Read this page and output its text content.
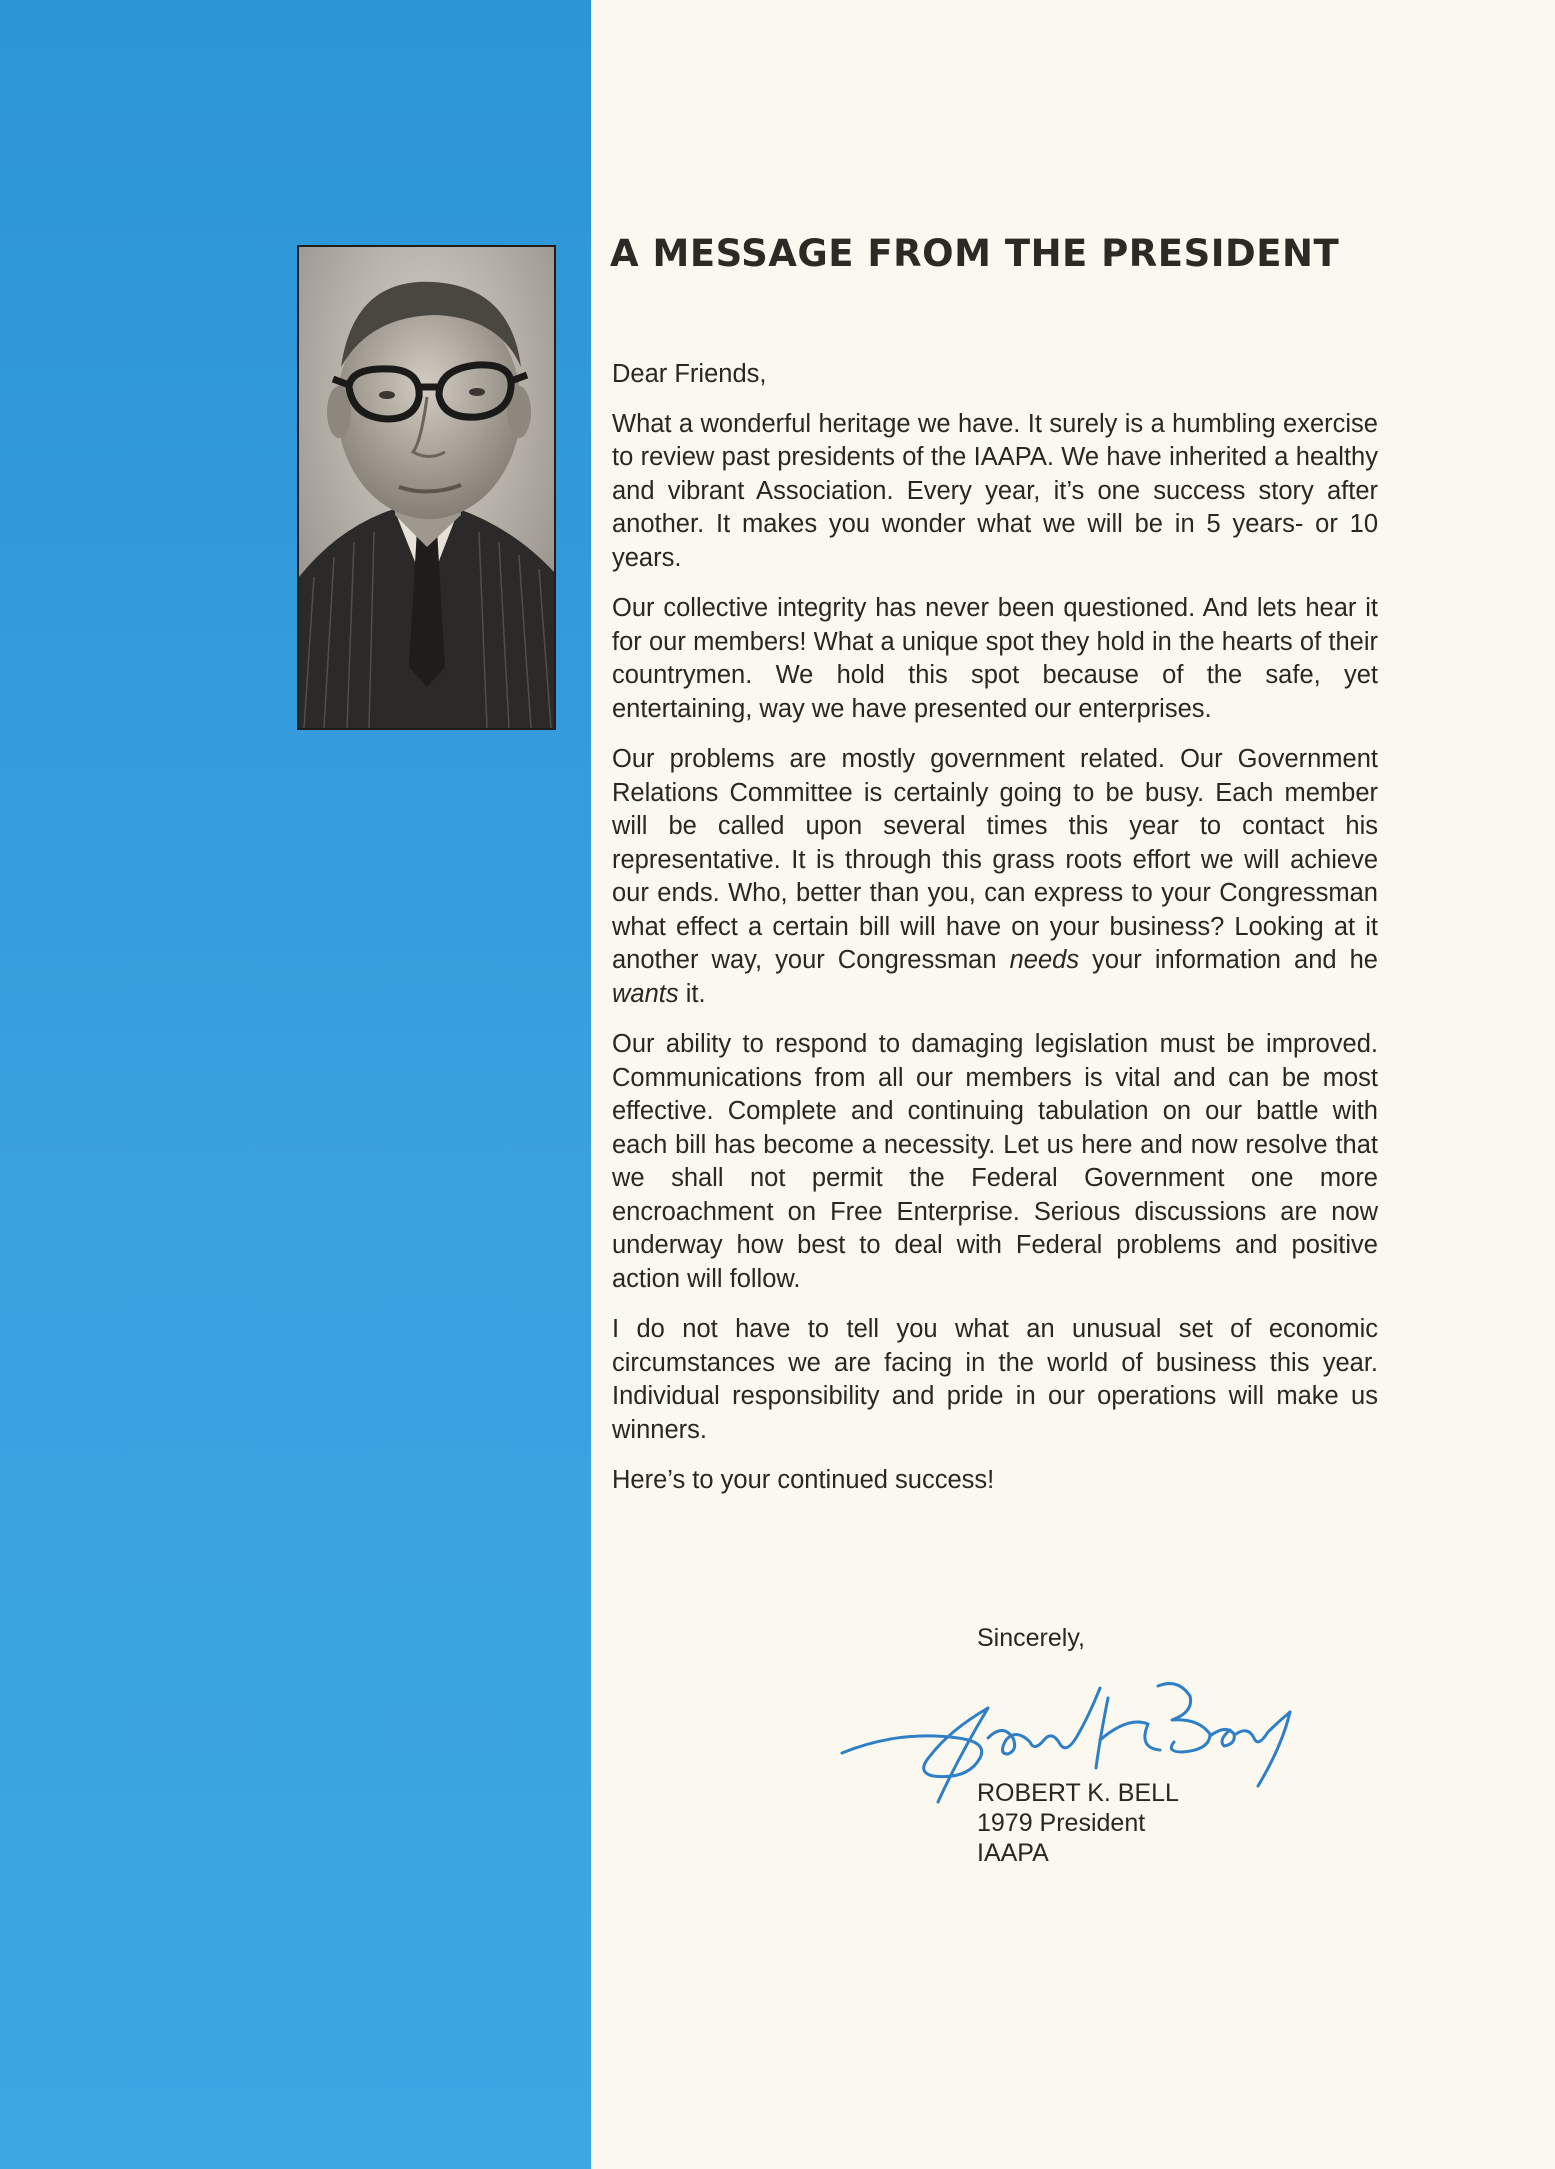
A MESSAGE FROM THE PRESIDENT

Dear Friends,

What a wonderful heritage we have. It surely is a humbling exercise to review past presidents of the IAAPA. We have inherited a healthy and vibrant Association. Every year, it’s one success story after another. It makes you wonder what we will be in 5 years- or 10 years.

Our collective integrity has never been questioned. And lets hear it for our members! What a unique spot they hold in the hearts of their countrymen. We hold this spot because of the safe, yet entertaining, way we have presented our enterprises.

Our problems are mostly government related. Our Government Relations Committee is certainly going to be busy. Each member will be called upon several times this year to contact his representative. It is through this grass roots effort we will achieve our ends. Who, better than you, can express to your Congressman what effect a certain bill will have on your business? Looking at it another way, your Congressman needs your information and he wants it.

Our ability to respond to damaging legislation must be improved. Communications from all our members is vital and can be most effective. Complete and continuing tabulation on our battle with each bill has become a necessity. Let us here and now resolve that we shall not permit the Federal Government one more encroachment on Free Enterprise. Serious discussions are now underway how best to deal with Federal problems and positive action will follow.

I do not have to tell you what an unusual set of economic circumstances we are facing in the world of business this year. Individual responsibility and pride in our operations will make us winners.

Here’s to your continued success!

Sincerely,
ROBERT K. BELL
1979 President
IAAPA
